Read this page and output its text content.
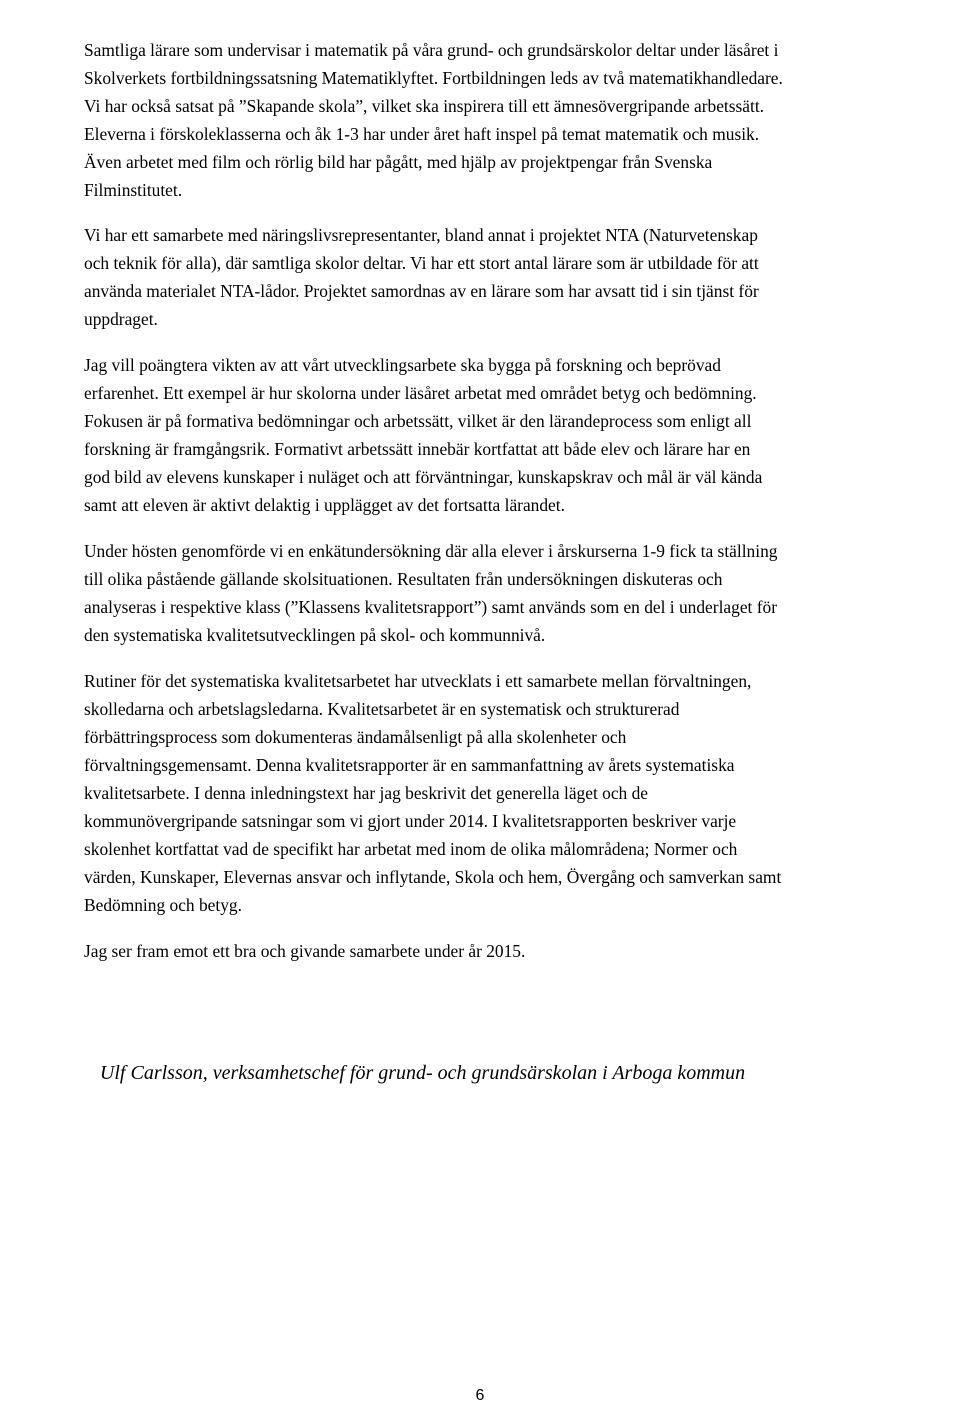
Samtliga lärare som undervisar i matematik på våra grund- och grundsärskolor deltar under läsåret i
Skolverkets fortbildningssatsning Matematiklyftet. Fortbildningen leds av två matematikhandledare.
Vi har också satsat på ”Skapande skola”, vilket ska inspirera till ett ämnesövergripande arbetssätt.
Eleverna i förskoleklasserna och åk 1-3 har under året haft inspel på temat matematik och musik.
Även arbetet med film och rörlig bild har pågått, med hjälp av projektpengar från Svenska
Filminstitutet.
Vi har ett samarbete med näringslivsrepresentanter, bland annat i projektet NTA (Naturvetenskap
och teknik för alla), där samtliga skolor deltar. Vi har ett stort antal lärare som är utbildade för att
använda materialet NTA-lådor. Projektet samordnas av en lärare som har avsatt tid i sin tjänst för
uppdraget.
Jag vill poängtera vikten av att vårt utvecklingsarbete ska bygga på forskning och beprövad
erfarenhet. Ett exempel är hur skolorna under läsåret arbetat med området betyg och bedömning.
Fokusen är på formativa bedömningar och arbetssätt, vilket är den lärandeprocess som enligt all
forskning är framgångsrik. Formativt arbetssätt innebär kortfattat att både elev och lärare har en
god bild av elevens kunskaper i nuläget och att förväntningar, kunskapskrav och mål är väl kända
samt att eleven är aktivt delaktig i upplägget av det fortsatta lärandet.
Under hösten genomförde vi en enkätundersökning där alla elever i årskurserna 1-9 fick ta ställning
till olika påstående gällande skolsituationen. Resultaten från undersökningen diskuteras och
analyseras i respektive klass (”Klassens kvalitetsrapport”) samt används som en del i underlaget för
den systematiska kvalitetsutvecklingen på skol- och kommunnivå.
Rutiner för det systematiska kvalitetsarbetet har utvecklats i ett samarbete mellan förvaltningen,
skolledarna och arbetslagsledarna. Kvalitetsarbetet är en systematisk och strukturerad
förbättringsprocess som dokumenteras ändamålsenligt på alla skolenheter och
förvaltningsgemensamt. Denna kvalitetsrapporter är en sammanfattning av årets systematiska
kvalitetsarbete. I denna inledningstext har jag beskrivit det generella läget och de
kommunövergripande satsningar som vi gjort under 2014. I kvalitetsrapporten beskriver varje
skolenhet kortfattat vad de specifikt har arbetat med inom de olika målområdena; Normer och
värden, Kunskaper, Elevernas ansvar och inflytande, Skola och hem, Övergång och samverkan samt
Bedömning och betyg.
Jag ser fram emot ett bra och givande samarbete under år 2015.
Ulf Carlsson, verksamhetschef för grund- och grundsärskolan i Arboga kommun
6
